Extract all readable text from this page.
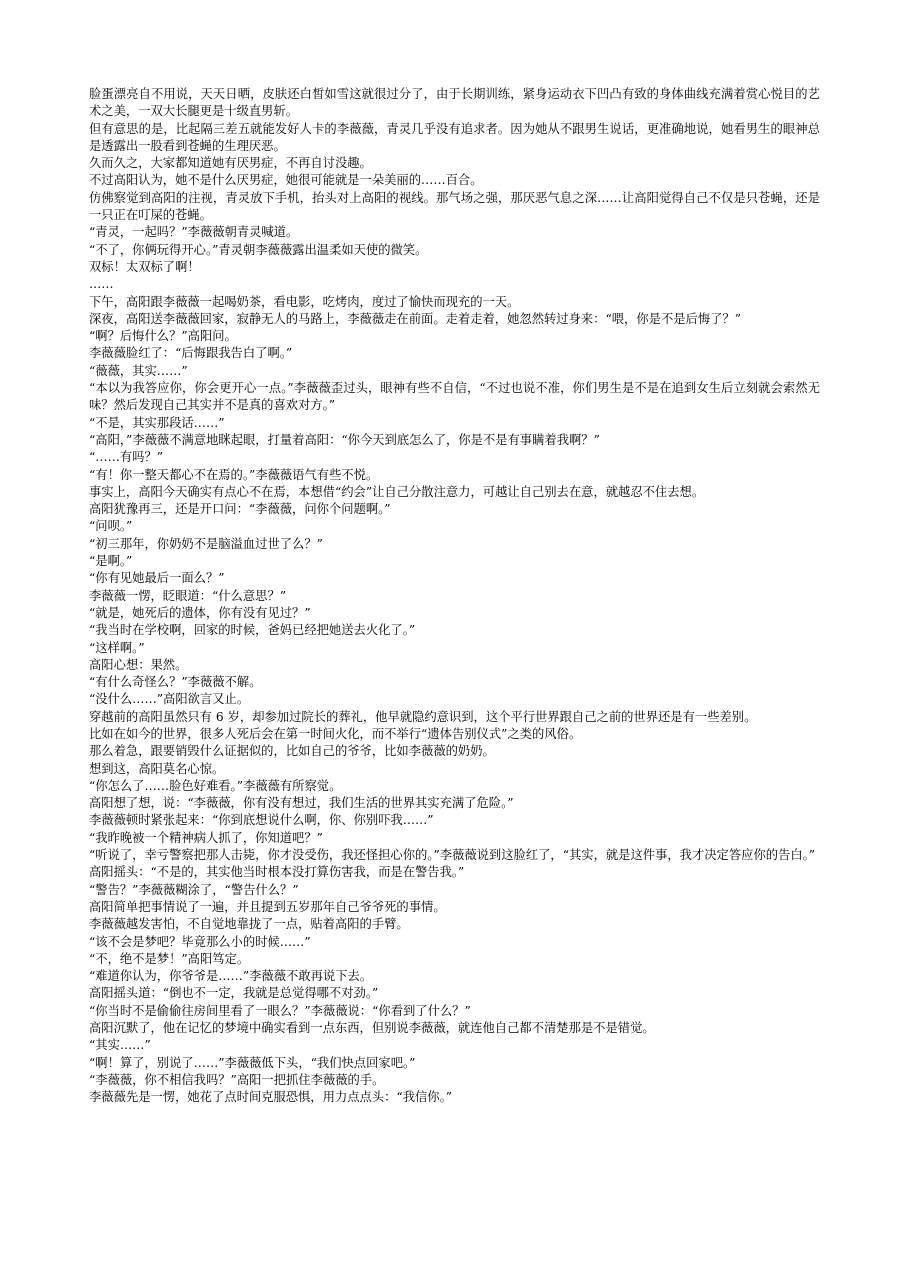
脸蛋漂亮自不用说，天天日晒，皮肤还白皙如雪这就很过分了，由于长期训练，紧身运动衣下凹凸有致的身体曲线充满着赏心悦目的艺术之美，一双大长腿更是十级直男斩。

但有意思的是，比起隔三差五就能发好人卡的李薇薇，青灵几乎没有追求者。因为她从不跟男生说话，更准确地说，她看男生的眼神总是透露出一股看到苍蝇的生理厌恶。

久而久之，大家都知道她有厌男症，不再自讨没趣。

不过高阳认为，她不是什么厌男症，她很可能就是一朵美丽的……百合。

仿佛察觉到高阳的注视，青灵放下手机，抬头对上高阳的视线。那气场之强，那厌恶气息之深……让高阳觉得自己不仅是只苍蝇，还是一只正在叮屎的苍蝇。

“青灵，一起吗？”李薇薇朝青灵喊道。

“不了，你俩玩得开心。”青灵朝李薇薇露出温柔如天使的微笑。

双标！太双标了啊！

……

下午，高阳跟李薇薇一起喝奶茶，看电影，吃烤肉，度过了愉快而现充的一天。

深夜，高阳送李薇薇回家，寂静无人的马路上，李薇薇走在前面。走着走着，她忽然转过身来：“喂，你是不是后悔了？”

“啊？后悔什么？”高阳问。

李薇薇脸红了：“后悔跟我告白了啊。”

“薇薇，其实……”

“本以为我答应你，你会更开心一点。”李薇薇歪过头，眼神有些不自信，“不过也说不准，你们男生是不是在追到女生后立刻就会索然无味？然后发现自己其实并不是真的喜欢对方。”

“不是，其实那段话……”

“高阳，”李薇薇不满意地眯起眼，打量着高阳：“你今天到底怎么了，你是不是有事瞒着我啊？”

“……有吗？”

“有！你一整天都心不在焉的。”李薇薇语气有些不悦。

事实上，高阳今天确实有点心不在焉，本想借“约会”让自己分散注意力，可越让自己别去在意，就越忍不住去想。

高阳犹豫再三，还是开口问：“李薇薇，问你个问题啊。”

“问呗。”

“初三那年，你奶奶不是脑溢血过世了么？”

“是啊。”

“你有见她最后一面么？”

李薇薇一愣，眨眼道：“什么意思？”

“就是，她死后的遗体，你有没有见过？”

“我当时在学校啊，回家的时候，爸妈已经把她送去火化了。”

“这样啊。”

高阳心想：果然。

“有什么奇怪么？”李薇薇不解。

“没什么……”高阳欲言又止。

穿越前的高阳虽然只有 6 岁，却参加过院长的葬礼，他早就隐约意识到，这个平行世界跟自己之前的世界还是有一些差别。

比如在如今的世界，很多人死后会在第一时间火化，而不举行“遗体告别仪式”之类的风俗。

那么着急，跟要销毁什么证据似的，比如自己的爷爷，比如李薇薇的奶奶。

想到这，高阳莫名心惊。

“你怎么了……脸色好难看。”李薇薇有所察觉。

高阳想了想，说：“李薇薇，你有没有想过，我们生活的世界其实充满了危险。”

李薇薇顿时紧张起来：“你到底想说什么啊，你、你别吓我……”

“我昨晚被一个精神病人抓了，你知道吧？”

“听说了，幸亏警察把那人击毙，你才没受伤，我还怪担心你的。”李薇薇说到这脸红了，“其实，就是这件事，我才决定答应你的告白。”

高阳摇头：“不是的，其实他当时根本没打算伤害我，而是在警告我。”

“警告？”李薇薇糊涂了，“警告什么？”

高阳简单把事情说了一遍，并且提到五岁那年自己爷爷死的事情。

李薇薇越发害怕，不自觉地靠拢了一点，贴着高阳的手臂。

“该不会是梦吧？毕竟那么小的时候……”

“不，绝不是梦！”高阳笃定。

“难道你认为，你爷爷是……”李薇薇不敢再说下去。

高阳摇头道：“倒也不一定，我就是总觉得哪不对劲。”

“你当时不是偷偷往房间里看了一眼么？”李薇薇说：“你看到了什么？”

高阳沉默了，他在记忆的梦境中确实看到一点东西，但别说李薇薇，就连他自己都不清楚那是不是错觉。

“其实……”

“啊！算了，别说了……”李薇薇低下头，“我们快点回家吧。”

“李薇薇，你不相信我吗？”高阳一把抓住李薇薇的手。

李薇薇先是一愣，她花了点时间克服恐惧，用力点点头：“我信你。”
